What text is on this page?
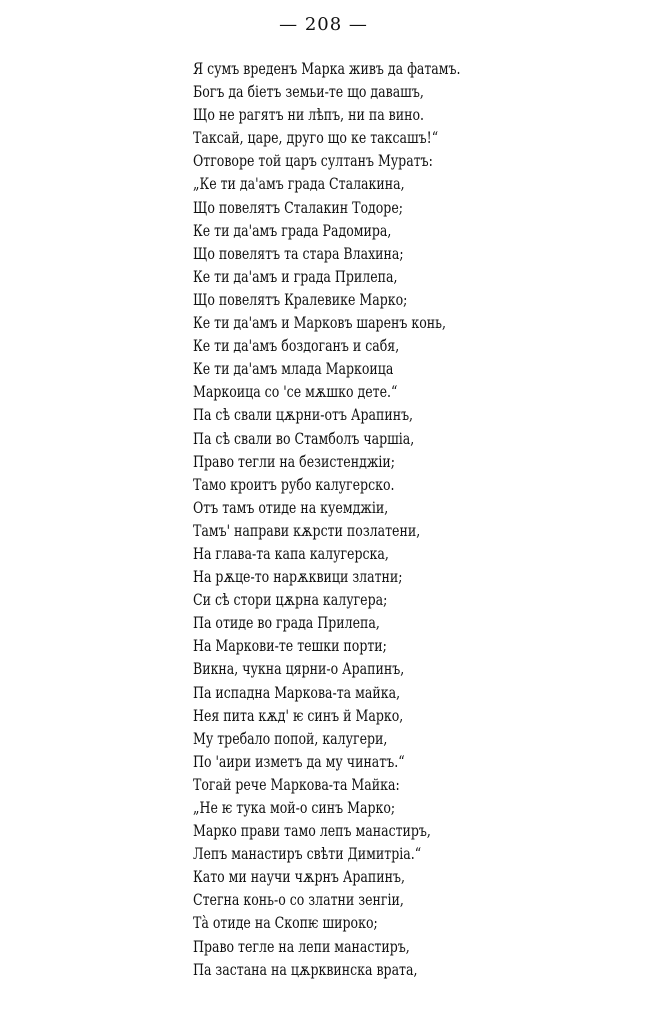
— 208 —
Я сумъ вреденъ Марка живъ да фатамъ.
Богъ да біетъ земьи-те що давашъ,
Що не рагятъ ни лѣпъ, ни па вино.
Таксай, царе, друго що ке таксашъ!“
Отговоре той царъ султанъ Муратъ:
„Ке ти да'амъ града Сталакина,
Що повелятъ Сталакин Тодоре;
Ке ти да'амъ града Радомира,
Що повелятъ та стара Влахина;
Ке ти да'амъ и града Прилепа,
Що повелятъ Кралевике Марко;
Ке ти да'амъ и Марковъ шаренъ конь,
Ке ти да'амъ боздоганъ и сабя,
Ке ти да'амъ млада Маркоица
Маркоица со 'се мѫшко дете.“
Па сѣ свали цѫрни-отъ Арапинъ,
Па сѣ свали во Стамболъ чаршiа,
Право тегли на безистенджiи;
Тамо кроитъ рубо калугерско.
Отъ тамъ отиде на куемджiи,
Тамъ' направи кѫрсти позлатени,
На глава-та капа калугерска,
На рѫце-то нарѫквици златни;
Си сѣ стори цѫрна калугера;
Па отиде во града Прилепа,
На Маркови-те тешки порти;
Викна, чукна цярни-о Арапинъ,
Па испадна Маркова-та майка,
Нея пита кѫд' ѥ синъ й Марко,
Му требало попой, калугери,
По 'аири изметъ да му чинатъ.“
Тогай рече Маркова-та Майка:
„Не ѥ тука мой-о синъ Марко;
Марко прави тамо лепъ манастиръ,
Лепъ манастиръ свѣти Димитріа.“
Като ми научи чѫрнъ Арапинъ,
Стегна конь-о со златни зенгіи,
Тà отиде на Скопѥ широко;
Право тегле на лепи манастиръ,
Па застана на цѫрквинска врата,
